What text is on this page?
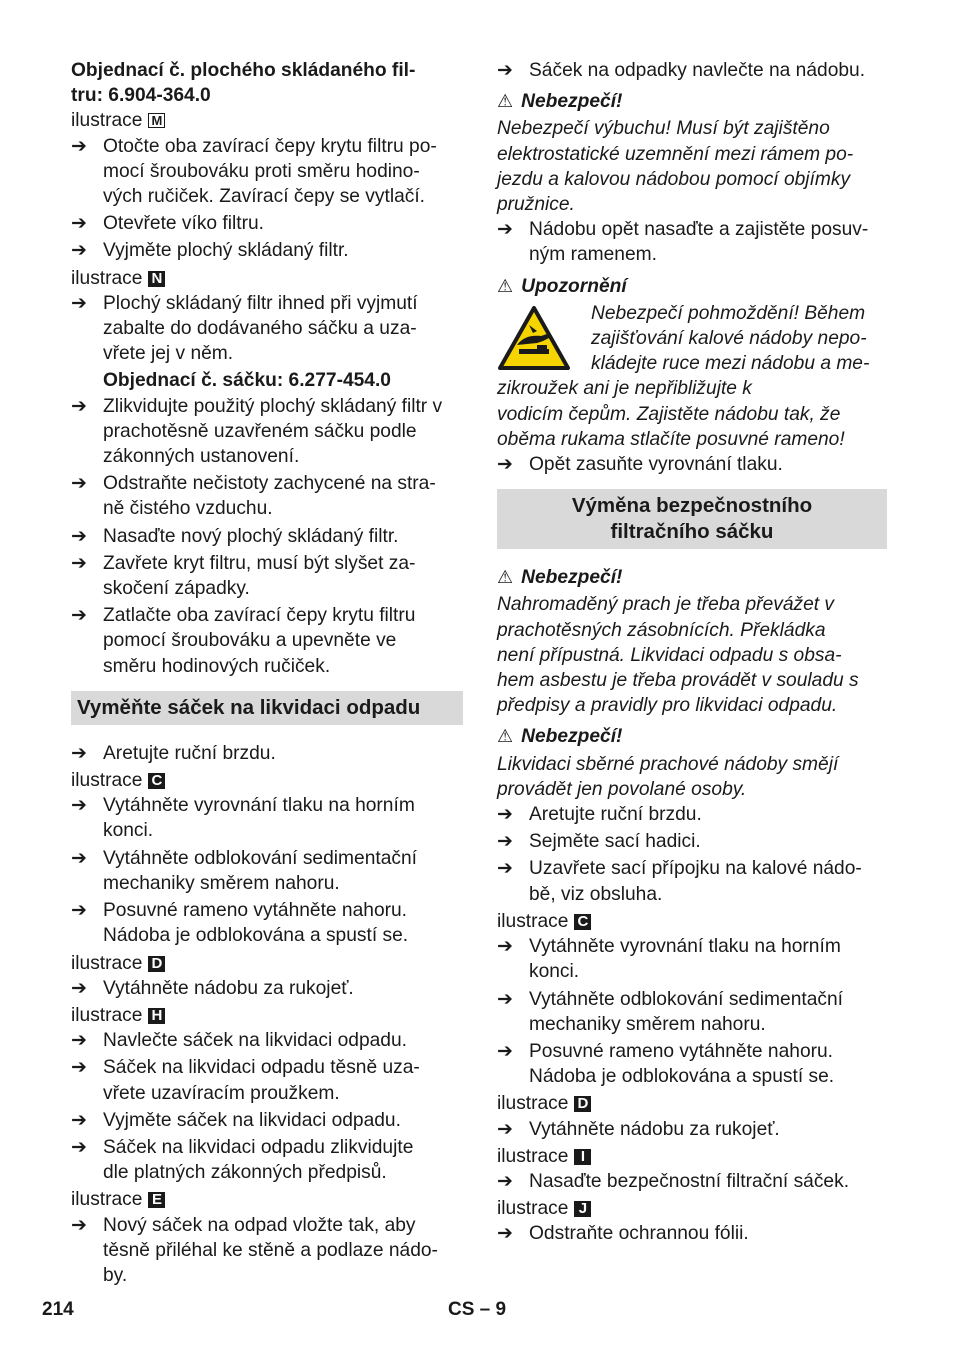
Objednací č. plochého skládaného fil-

tru: 6.904-364.0

ilustrace M

➔ Otočte oba zavírací čepy krytu filtru po-
mocí šroubováku proti směru hodino-
vých ručiček. Zavírací čepy se vytlačí.
➔ Otevřete víko filtru.
➔ Vyjměte plochý skládaný filtr.

ilustrace N

➔ Plochý skládaný filtr ihned při vyjmutí
zabalte do dodávaného sáčku a uza-
vřete jej v něm.

Objednací č. sáčku: 6.277-454.0

➔ Zlikvidujte použitý plochý skládaný filtr v
prachotěsně uzavřeném sáčku podle
zákonných ustanovení.
➔ Odstraňte nečistoty zachycené na stra-
ně čistého vzduchu.
➔ Nasaďte nový plochý skládaný filtr.
➔ Zavřete kryt filtru, musí být slyšet za-
skočení západky.
➔ Zatlačte oba zavírací čepy krytu filtru
pomocí šroubováku a upevněte ve
směru hodinových ručiček.
Vyměňte sáček na likvidaci odpadu
➔ Aretujte ruční brzdu.

ilustrace C

➔ Vytáhněte vyrovnání tlaku na horním
konci.
➔ Vytáhněte odblokování sedimentační
mechaniky směrem nahoru.
➔ Posuvné rameno vytáhněte nahoru.
Nádoba je odblokována a spustí se.

ilustrace D

➔ Vytáhněte nádobu za rukojeť.

ilustrace H

➔ Navlečte sáček na likvidaci odpadu.
➔ Sáček na likvidaci odpadu těsně uza-
vřete uzavíracím proužkem.
➔ Vyjměte sáček na likvidaci odpadu.
➔ Sáček na likvidaci odpadu zlikvidujte
dle platných zákonných předpisů.

ilustrace E

➔ Nový sáček na odpad vložte tak, aby
těsně přiléhal ke stěně a podlaze nádo-
by.
➔ Sáček na odpadky navlečte na nádobu.

⚠ Nebezpečí!

Nebezpečí výbuchu! Musí být zajištěno
elektrostatické uzemnění mezi rámem po-
jezdu a kalovou nádobou pomocí objímky
pružnice.
➔ Nádobu opět nasaďte a zajistěte posuv-
ným ramenem.

⚠ Upozornění

Nebezpečí pohmoždění! Během
zajišťování kalové nádoby nepo-
kládejte ruce mezi nádobu a me-
zikroužek ani je nepřibližujte k
vodicím čepům. Zajistěte nádobu tak, že
oběma rukama stlačíte posuvné rameno!
➔ Opět zasuňte vyrovnání tlaku.
Výměna bezpečnostního
filtračního sáčku

⚠ Nebezpečí!

Nahromaděný prach je třeba převážet v
prachotěsných zásobnících. Překládka
není přípustná. Likvidaci odpadu s obsa-
hem asbestu je třeba provádět v souladu s
předpisy a pravidly pro likvidaci odpadu.

⚠ Nebezpečí!

Likvidaci sběrné prachové nádoby smějí
provádět jen povolané osoby.
➔ Aretujte ruční brzdu.
➔ Sejměte sací hadici.
➔ Uzavřete sací přípojku na kalové nádo-
bě, viz obsluha.

ilustrace C

➔ Vytáhněte vyrovnání tlaku na horním
konci.
➔ Vytáhněte odblokování sedimentační
mechaniky směrem nahoru.
➔ Posuvné rameno vytáhněte nahoru.
Nádoba je odblokována a spustí se.

ilustrace D

➔ Vytáhněte nádobu za rukojeť.

ilustrace I

➔ Nasaďte bezpečnostní filtrační sáček.

ilustrace J

➔ Odstraňte ochrannou fólii.
214	CS – 9
